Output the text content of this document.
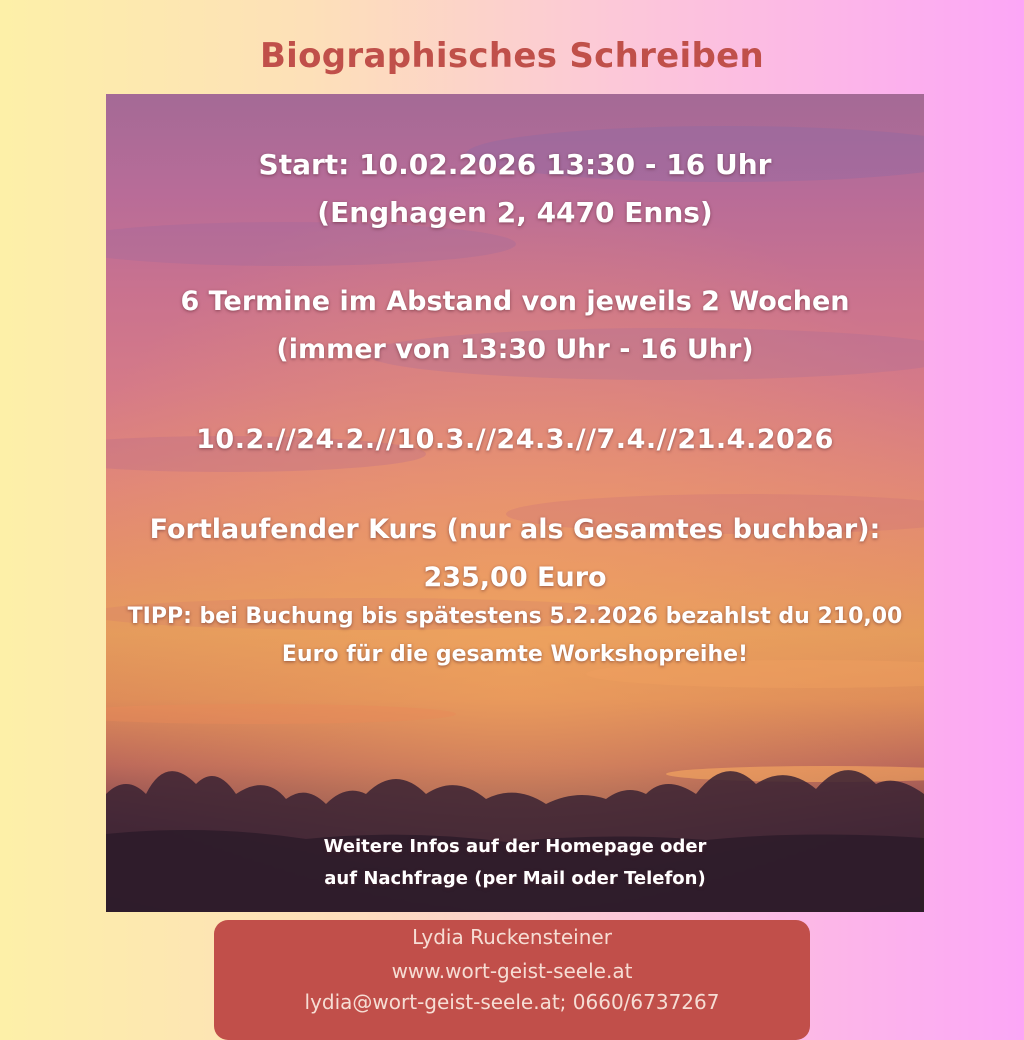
Biographisches Schreiben
Start: 10.02.2026 13:30 - 16 Uhr
(Enghagen 2, 4470 Enns)
6 Termine im Abstand von jeweils 2 Wochen
(immer von 13:30 Uhr - 16 Uhr)
10.2.//24.2.//10.3.//24.3.//7.4.//21.4.2026
Fortlaufender Kurs (nur als Gesamtes buchbar):
235,00 Euro
TIPP: bei Buchung bis spätestens 5.2.2026 bezahlst du 210,00
Euro für die gesamte Workshopreihe!
Weitere Infos auf der Homepage oder
auf Nachfrage (per Mail oder Telefon)
Lydia Ruckensteiner
www.wort-geist-seele.at
lydia@wort-geist-seele.at; 0660/6737267
